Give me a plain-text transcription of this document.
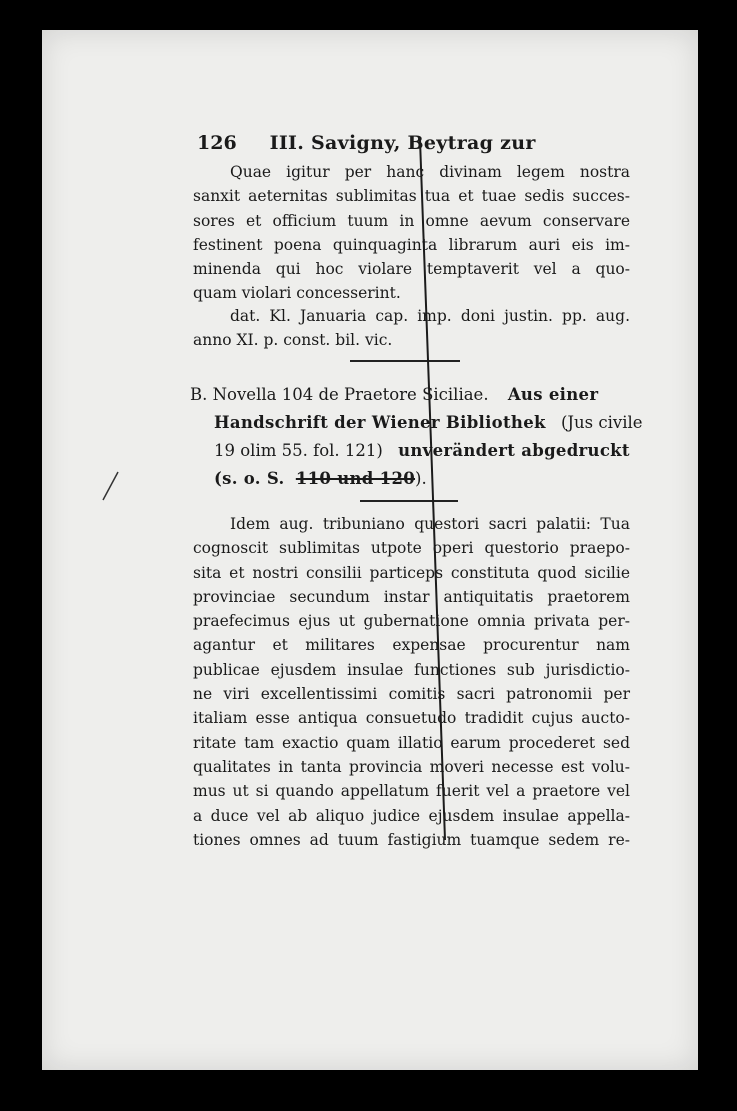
126 III. Savigny, Beytrag zur

Quae igitur per hanc divinam legem nostra

sanxit aeternitas sublimitas tua et tuae sedis succes-

sores et officium tuum in omne aevum conservare

festinent poena quinquaginta librarum auri eis im-

minenda qui hoc violare temptaverit vel a quo-

quam violari concesserint.

dat. Kl. Januaria cap. imp. doni justin. pp. aug.

anno XI. p. const. bil. vic.

B. Novella 104 de Praetore Siciliae. Aus einer
Handschrift der Wiener Bibliothek (Jus civile
19 olim 55. fol. 121) unverändert abgedruckt
(s. o. S. 110 und 120).

Idem aug. tribuniano questori sacri palatii: Tua

cognoscit sublimitas utpote operi questorio praepo-

sita et nostri consilii particeps constituta quod sicilie

provinciae secundum instar antiquitatis praetorem

praefecimus ejus ut gubernatione omnia privata per-

agantur et militares expensae procurentur nam

publicae ejusdem insulae functiones sub jurisdictio-

ne viri excellentissimi comitis sacri patronomii per

italiam esse antiqua consuetudo tradidit cujus aucto-

ritate tam exactio quam illatio earum procederet sed

qualitates in tanta provincia moveri necesse est volu-

mus ut si quando appellatum fuerit vel a praetore vel

a duce vel ab aliquo judice ejusdem insulae appella-

tiones omnes ad tuum fastigium tuamque sedem re-
